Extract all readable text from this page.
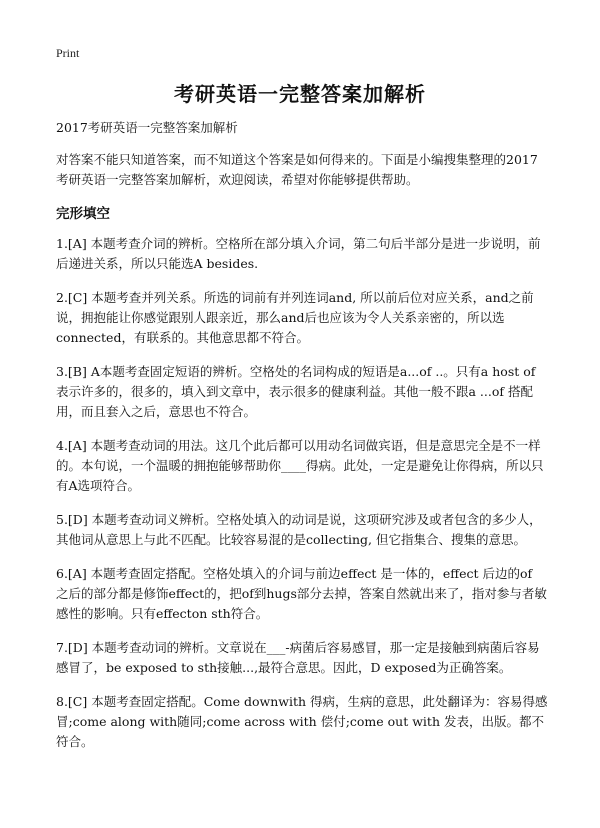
Print
考研英语一完整答案加解析

2017考研英语一完整答案加解析

对答案不能只知道答案，而不知道这个答案是如何得来的。下面是小编搜集整理的2017考研英语一完整答案加解析，欢迎阅读，希望对你能够提供帮助。

完形填空

1.[A] 本题考查介词的辨析。空格所在部分填入介词，第二句后半部分是进一步说明，前后递进关系，所以只能选A besides.

2.[C] 本题考查并列关系。所选的词前有并列连词and, 所以前后位对应关系，and之前说，拥抱能让你感觉跟别人跟亲近，那么and后也应该为令人关系亲密的，所以选connected，有联系的。其他意思都不符合。

3.[B] A本题考查固定短语的辨析。空格处的名词构成的短语是a...of ..。只有a host of 表示许多的，很多的，填入到文章中，表示很多的健康利益。其他一般不跟a ...of 搭配用，而且套入之后，意思也不符合。

4.[A] 本题考查动词的用法。这几个此后都可以用动名词做宾语，但是意思完全是不一样的。本句说，一个温暖的拥抱能够帮助你____得病。此处，一定是避免让你得病，所以只有A选项符合。

5.[D] 本题考查动词义辨析。空格处填入的动词是说，这项研究涉及或者包含的多少人，其他词从意思上与此不匹配。比较容易混的是collecting, 但它指集合、搜集的意思。

6.[A] 本题考查固定搭配。空格处填入的介词与前边effect 是一体的，effect 后边的of 之后的部分都是修饰effect的，把of到hugs部分去掉，答案自然就出来了，指对参与者敏感性的影响。只有effecton sth符合。

7.[D] 本题考查动词的辨析。文章说在___-病菌后容易感冒，那一定是接触到病菌后容易感冒了，be exposed to sth接触...,最符合意思。因此，D exposed为正确答案。

8.[C] 本题考查固定搭配。Come downwith 得病，生病的意思，此处翻译为：容易得感冒;come along with随同;come across with 偿付;come out with 发表，出版。都不符合。
